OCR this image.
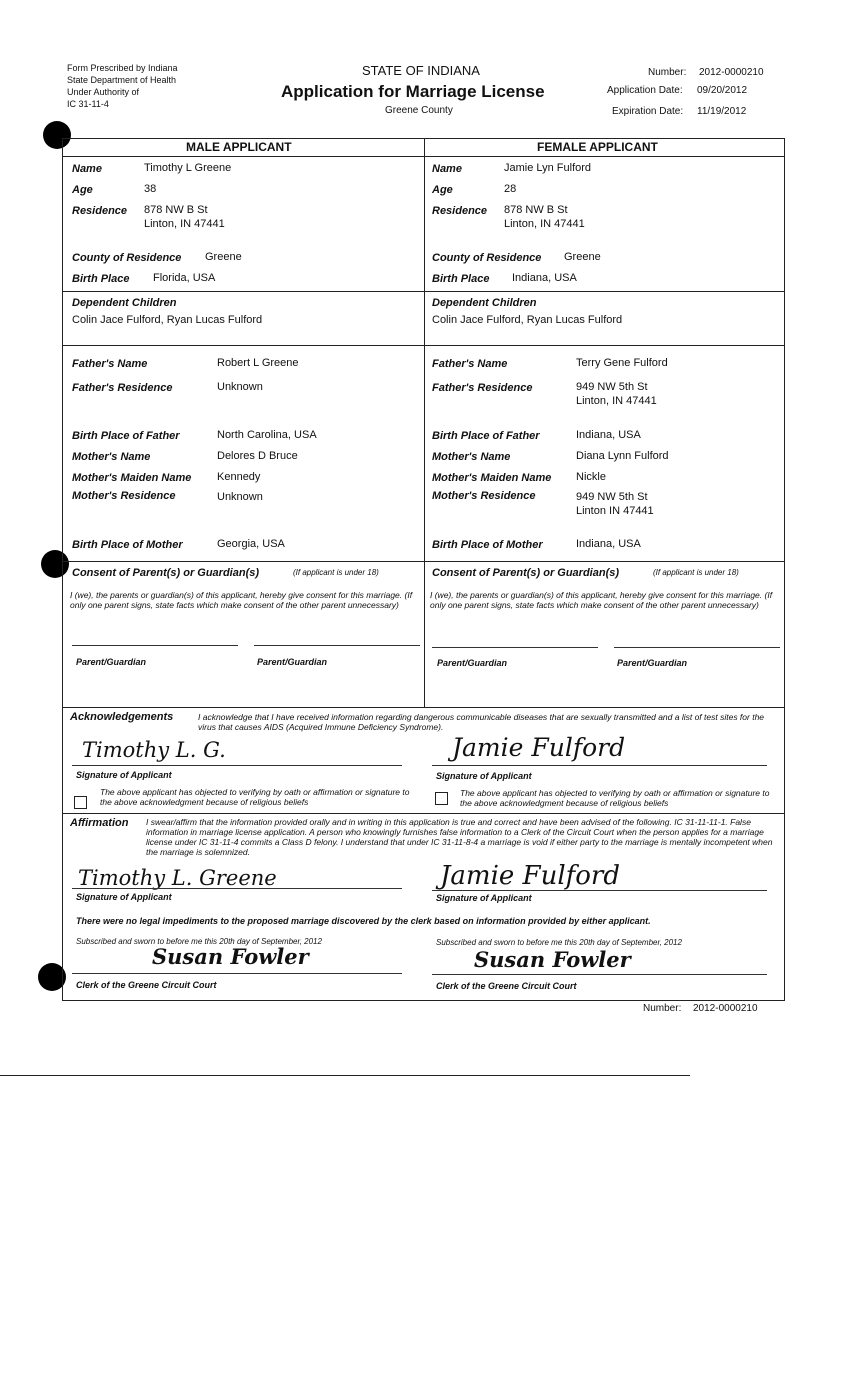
Form Prescribed by Indiana
State Department of Health
Under Authority of
IC 31-11-4
STATE OF INDIANA
Application for Marriage License
Greene County
Number: 2012-0000210
Application Date: 09/20/2012
Expiration Date: 11/19/2012
MALE APPLICANT	FEMALE APPLICANT
Name	Timothy L Greene
Age	38
Residence 878 NW B St
Linton, IN 47441
County of Residence Greene
Birth Place Florida, USA
Dependent Children
Colin Jace Fulford, Ryan Lucas Fulford
Father's Name	Robert L Greene
Father's Residence	Unknown
Birth Place of Father	North Carolina, USA
Mother's Name	Delores D Bruce
Mother's Maiden Name Kennedy
Mother's Residence	Unknown
Birth Place of Mother	Georgia, USA
Consent of Parent(s) or Guardian(s)	(If applicant is under 18)
I (we), the parents or guardian(s) of this applicant, hereby give consent for this marriage. (If only one parent signs, state facts which make consent of the other parent unnecessary)
Parent/Guardian	Parent/Guardian
Name	Jamie Lyn Fulford
Age	28
Residence 878 NW B St
Linton, IN 47441
County of Residence Greene
Birth Place Indiana, USA
Dependent Children
Colin Jace Fulford, Ryan Lucas Fulford
Father's Name	Terry Gene Fulford
Father's Residence	949 NW 5th St
Linton, IN 47441
Birth Place of Father	Indiana, USA
Mother's Name	Diana Lynn Fulford
Mother's Maiden Name Nickle
Mother's Residence	949 NW 5th St
Linton IN 47441
Birth Place of Mother	Indiana, USA
Consent of Parent(s) or Guardian(s)	(If applicant is under 18)
I (we), the parents or guardian(s) of this applicant, hereby give consent for this marriage. (If only one parent signs, state facts which make consent of the other parent unnecessary)
Parent/Guardian	Parent/Guardian
Acknowledgements	I acknowledge that I have received information regarding dangerous communicable diseases that are sexually transmitted and a list of test sites for the virus that causes AIDS (Acquired Immune Deficiency Syndrome).
Timothy L. G.
Signature of Applicant
The above applicant has objected to verifying by oath or affirmation or signature to the above acknowledgment because of religious beliefs
Jamie Fulford
Signature of Applicant
The above applicant has objected to verifying by oath or affirmation or signature to the above acknowledgment because of religious beliefs
Affirmation I swear/affirm that the information provided orally and in writing in this application is true and correct and have been advised of the following. IC 31-11-11-1. False information in marriage license application. A person who knowingly furnishes false information to a Clerk of the Circuit Court when the person applies for a marriage license under IC 31-11-4 commits a Class D felony. I understand that under IC 31-11-8-4 a marriage is void if either party to the marriage is mentally incompetent when the marriage is solemnized.
Timothy L. Greene
Signature of Applicant
Jamie Fulford
Signature of Applicant
There were no legal impediments to the proposed marriage discovered by the clerk based on information provided by either applicant.
Subscribed and sworn to before me this 20th day of September, 2012
Susan Fowler
Clerk of the Greene Circuit Court
Subscribed and sworn to before me this 20th day of September, 2012
Susan Fowler
Clerk of the Greene Circuit Court
Number: 2012-0000210
